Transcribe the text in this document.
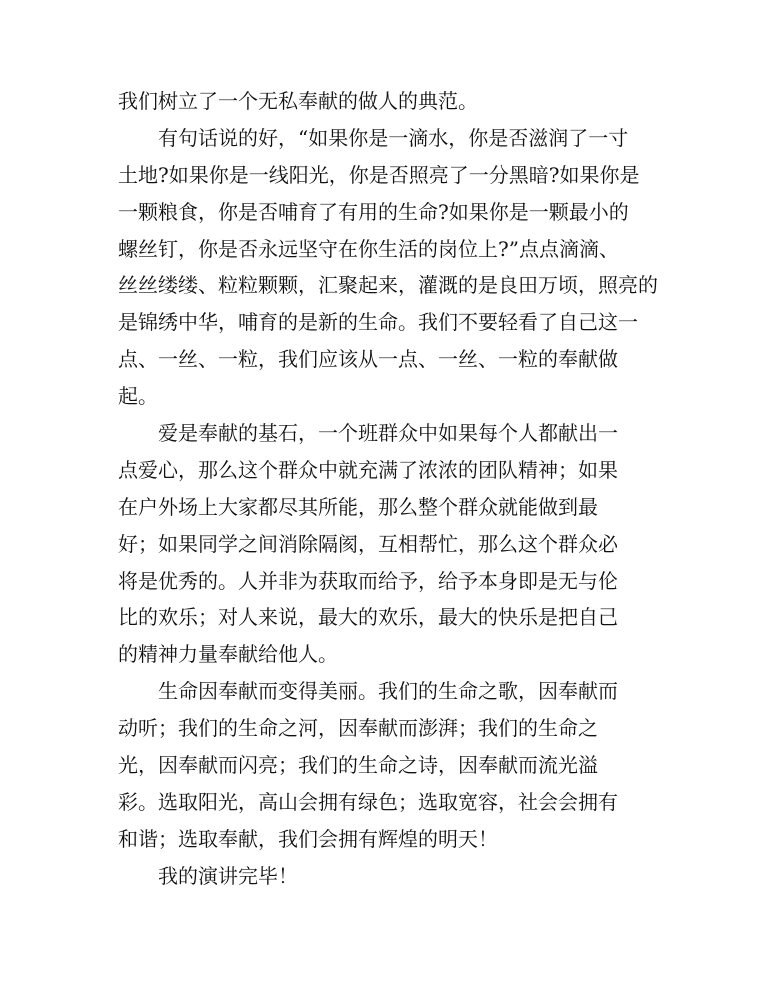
我们树立了一个无私奉献的做人的典范。
有句话说的好，“如果你是一滴水，你是否滋润了一寸
土地?如果你是一线阳光，你是否照亮了一分黑暗?如果你是
一颗粮食，你是否哺育了有用的生命?如果你是一颗最小的
螺丝钉，你是否永远坚守在你生活的岗位上?”点点滴滴、
丝丝缕缕、粒粒颗颗，汇聚起来，灌溉的是良田万顷，照亮的
是锦绣中华，哺育的是新的生命。我们不要轻看了自己这一
点、一丝、一粒，我们应该从一点、一丝、一粒的奉献做
起。
爱是奉献的基石，一个班群众中如果每个人都献出一
点爱心，那么这个群众中就充满了浓浓的团队精神；如果
在户外场上大家都尽其所能，那么整个群众就能做到最
好；如果同学之间消除隔阂，互相帮忙，那么这个群众必
将是优秀的。人并非为获取而给予，给予本身即是无与伦
比的欢乐；对人来说，最大的欢乐，最大的快乐是把自己
的精神力量奉献给他人。
生命因奉献而变得美丽。我们的生命之歌，因奉献而
动听；我们的生命之河，因奉献而澎湃；我们的生命之
光，因奉献而闪亮；我们的生命之诗，因奉献而流光溢
彩。选取阳光，高山会拥有绿色；选取宽容，社会会拥有
和谐；选取奉献，我们会拥有辉煌的明天！
我的演讲完毕！
